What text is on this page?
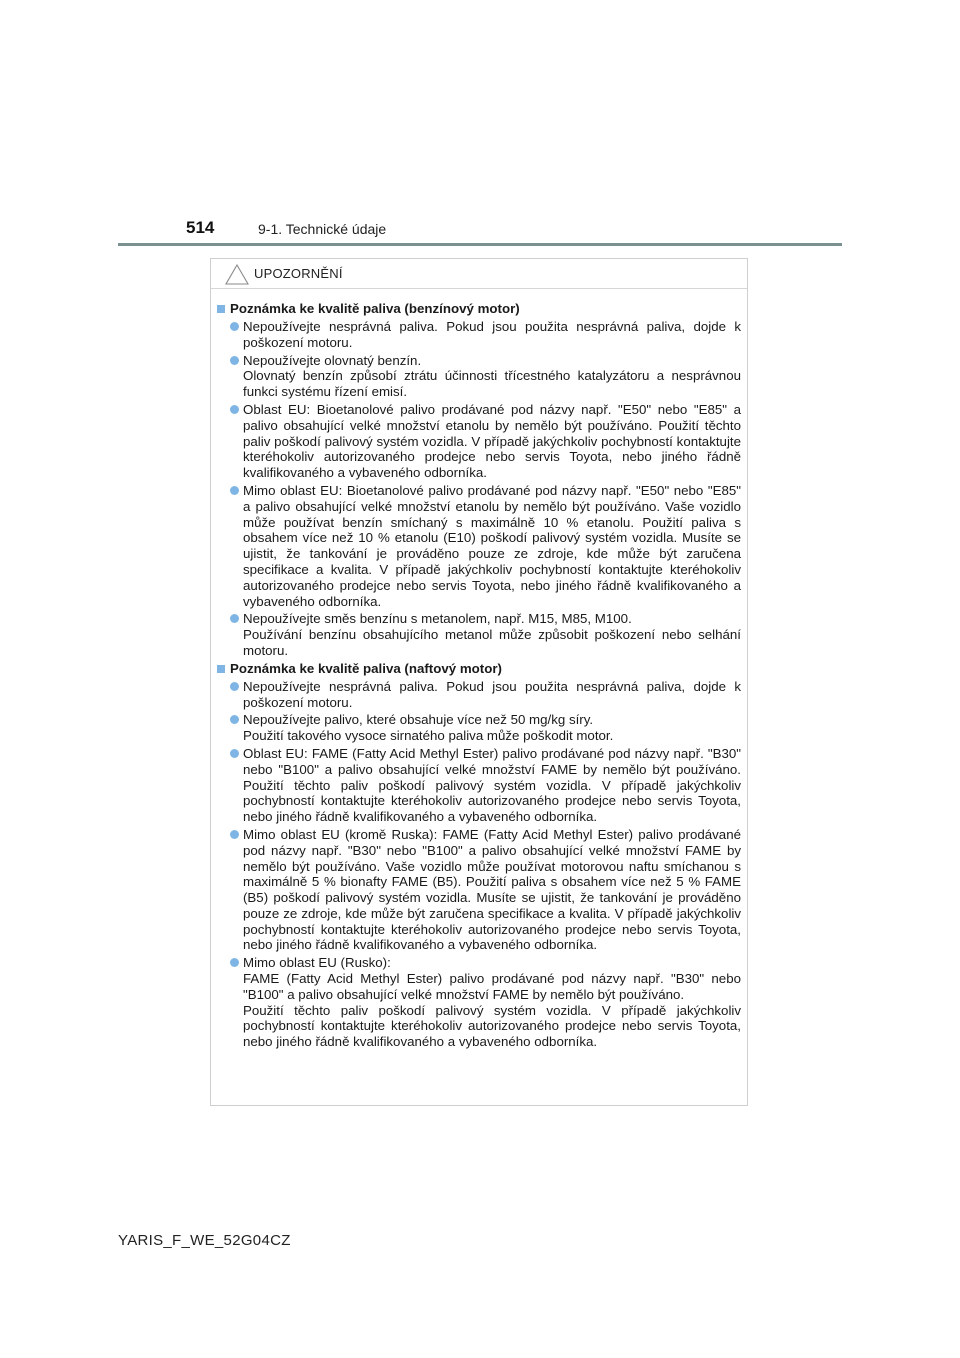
514	9-1. Technické údaje
UPOZORNĚNÍ
Poznámka ke kvalitě paliva (benzínový motor)
Nepoužívejte nesprávná paliva. Pokud jsou použita nesprávná paliva, dojde k poškození motoru.
Nepoužívejte olovnatý benzín.
Olovnatý benzín způsobí ztrátu účinnosti třícestného katalyzátoru a nesprávnou funkci systému řízení emisí.
Oblast EU: Bioetanolové palivo prodávané pod názvy např. "E50" nebo "E85" a palivo obsahující velké množství etanolu by nemělo být používáno. Použití těchto paliv poškodí palivový systém vozidla. V případě jakýchkoliv pochybností kontaktujte kteréhokoliv autorizovaného prodejce nebo servis Toyota, nebo jiného řádně kvalifikovaného a vybaveného odborníka.
Mimo oblast EU: Bioetanolové palivo prodávané pod názvy např. "E50" nebo "E85" a palivo obsahující velké množství etanolu by nemělo být používáno. Vaše vozidlo může používat benzín smíchaný s maximálně 10 % etanolu. Použití paliva s obsahem více než 10 % etanolu (E10) poškodí palivový systém vozidla. Musíte se ujistit, že tankování je prováděno pouze ze zdroje, kde může být zaručena specifikace a kvalita. V případě jakýchkoliv pochybností kontaktujte kteréhokoliv autorizovaného prodejce nebo servis Toyota, nebo jiného řádně kvalifikovaného a vybaveného odborníka.
Nepoužívejte směs benzínu s metanolem, např. M15, M85, M100.
Používání benzínu obsahujícího metanol může způsobit poškození nebo selhání motoru.
Poznámka ke kvalitě paliva (naftový motor)
Nepoužívejte nesprávná paliva. Pokud jsou použita nesprávná paliva, dojde k poškození motoru.
Nepoužívejte palivo, které obsahuje více než 50 mg/kg síry.
Použití takového vysoce sirnatého paliva může poškodit motor.
Oblast EU: FAME (Fatty Acid Methyl Ester) palivo prodávané pod názvy např. "B30" nebo "B100" a palivo obsahující velké množství FAME by nemělo být používáno. Použití těchto paliv poškodí palivový systém vozidla. V případě jakýchkoliv pochybností kontaktujte kteréhokoliv autorizovaného prodejce nebo servis Toyota, nebo jiného řádně kvalifikovaného a vybaveného odborníka.
Mimo oblast EU (kromě Ruska): FAME (Fatty Acid Methyl Ester) palivo prodávané pod názvy např. "B30" nebo "B100" a palivo obsahující velké množství FAME by nemělo být používáno. Vaše vozidlo může používat motorovou naftu smíchanou s maximálně 5 % bionafty FAME (B5). Použití paliva s obsahem více než 5 % FAME (B5) poškodí palivový systém vozidla. Musíte se ujistit, že tankování je prováděno pouze ze zdroje, kde může být zaručena specifikace a kvalita. V případě jakýchkoliv pochybností kontaktujte kteréhokoliv autorizovaného prodejce nebo servis Toyota, nebo jiného řádně kvalifikovaného a vybaveného odborníka.
Mimo oblast EU (Rusko):
FAME (Fatty Acid Methyl Ester) palivo prodávané pod názvy např. "B30" nebo "B100" a palivo obsahující velké množství FAME by nemělo být používáno.
Použití těchto paliv poškodí palivový systém vozidla. V případě jakýchkoliv pochybností kontaktujte kteréhokoliv autorizovaného prodejce nebo servis Toyota, nebo jiného řádně kvalifikovaného a vybaveného odborníka.
YARIS_F_WE_52G04CZ
